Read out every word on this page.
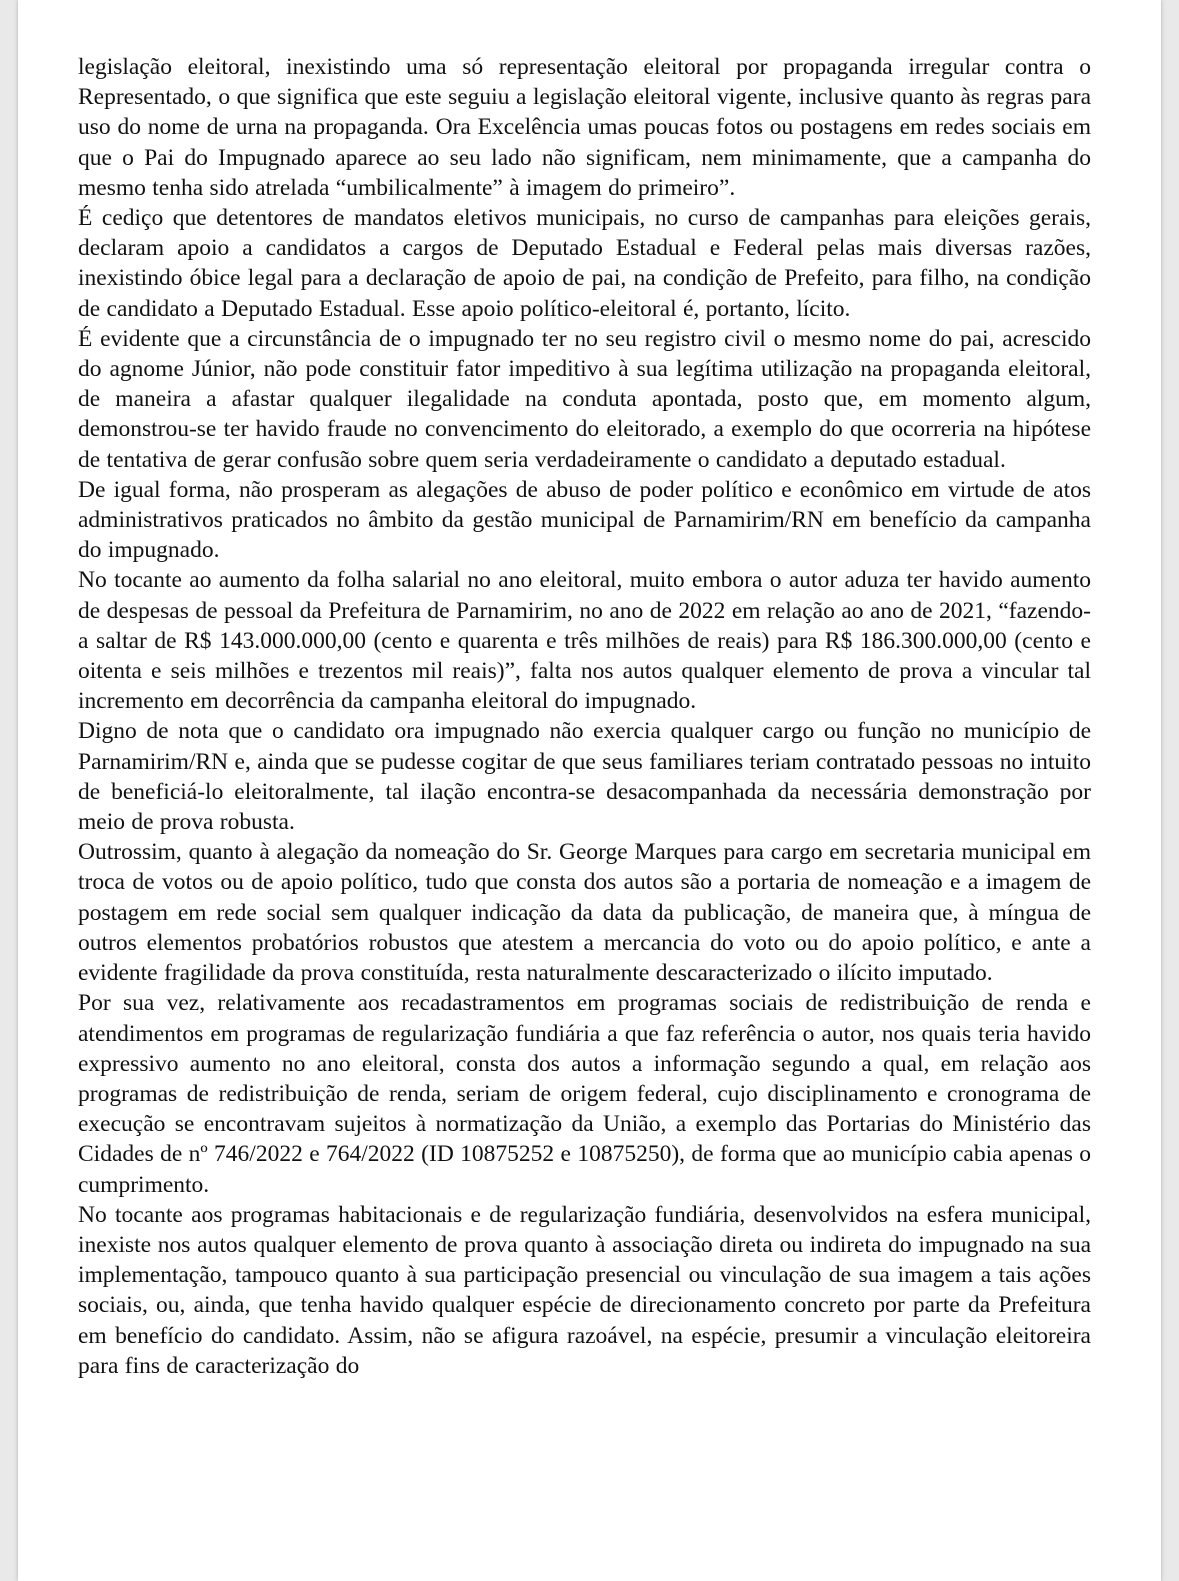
legislação eleitoral, inexistindo uma só representação eleitoral por propaganda irregular contra o Representado, o que significa que este seguiu a legislação eleitoral vigente, inclusive quanto às regras para uso do nome de urna na propaganda. Ora Excelência umas poucas fotos ou postagens em redes sociais em que o Pai do Impugnado aparece ao seu lado não significam, nem minimamente, que a campanha do mesmo tenha sido atrelada “umbilicalmente” à imagem do primeiro”.

É cediço que detentores de mandatos eletivos municipais, no curso de campanhas para eleições gerais, declaram apoio a candidatos a cargos de Deputado Estadual e Federal pelas mais diversas razões, inexistindo óbice legal para a declaração de apoio de pai, na condição de Prefeito, para filho, na condição de candidato a Deputado Estadual. Esse apoio político-eleitoral é, portanto, lícito.

É evidente que a circunstância de o impugnado ter no seu registro civil o mesmo nome do pai, acrescido do agnome Júnior, não pode constituir fator impeditivo à sua legítima utilização na propaganda eleitoral, de maneira a afastar qualquer ilegalidade na conduta apontada, posto que, em momento algum, demonstrou-se ter havido fraude no convencimento do eleitorado, a exemplo do que ocorreria na hipótese de tentativa de gerar confusão sobre quem seria verdadeiramente o candidato a deputado estadual.

De igual forma, não prosperam as alegações de abuso de poder político e econômico em virtude de atos administrativos praticados no âmbito da gestão municipal de Parnamirim/RN em benefício da campanha do impugnado.

No tocante ao aumento da folha salarial no ano eleitoral, muito embora o autor aduza ter havido aumento de despesas de pessoal da Prefeitura de Parnamirim, no ano de 2022 em relação ao ano de 2021, “fazendo-a saltar de R$ 143.000.000,00 (cento e quarenta e três milhões de reais) para R$ 186.300.000,00 (cento e oitenta e seis milhões e trezentos mil reais)”, falta nos autos qualquer elemento de prova a vincular tal incremento em decorrência da campanha eleitoral do impugnado.

Digno de nota que o candidato ora impugnado não exercia qualquer cargo ou função no município de Parnamirim/RN e, ainda que se pudesse cogitar de que seus familiares teriam contratado pessoas no intuito de beneficiá-lo eleitoralmente, tal ilação encontra-se desacompanhada da necessária demonstração por meio de prova robusta.

Outrossim, quanto à alegação da nomeação do Sr. George Marques para cargo em secretaria municipal em troca de votos ou de apoio político, tudo que consta dos autos são a portaria de nomeação e a imagem de postagem em rede social sem qualquer indicação da data da publicação, de maneira que, à míngua de outros elementos probatórios robustos que atestem a mercancia do voto ou do apoio político, e ante a evidente fragilidade da prova constituída, resta naturalmente descaracterizado o ilícito imputado.

Por sua vez, relativamente aos recadastramentos em programas sociais de redistribuição de renda e atendimentos em programas de regularização fundiária a que faz referência o autor, nos quais teria havido expressivo aumento no ano eleitoral, consta dos autos a informação segundo a qual, em relação aos programas de redistribuição de renda, seriam de origem federal, cujo disciplinamento e cronograma de execução se encontravam sujeitos à normatização da União, a exemplo das Portarias do Ministério das Cidades de nº 746/2022 e 764/2022 (ID 10875252 e 10875250), de forma que ao município cabia apenas o cumprimento.

No tocante aos programas habitacionais e de regularização fundiária, desenvolvidos na esfera municipal, inexiste nos autos qualquer elemento de prova quanto à associação direta ou indireta do impugnado na sua implementação, tampouco quanto à sua participação presencial ou vinculação de sua imagem a tais ações sociais, ou, ainda, que tenha havido qualquer espécie de direcionamento concreto por parte da Prefeitura em benefício do candidato. Assim, não se afigura razoável, na espécie, presumir a vinculação eleitoreira para fins de caracterização do
